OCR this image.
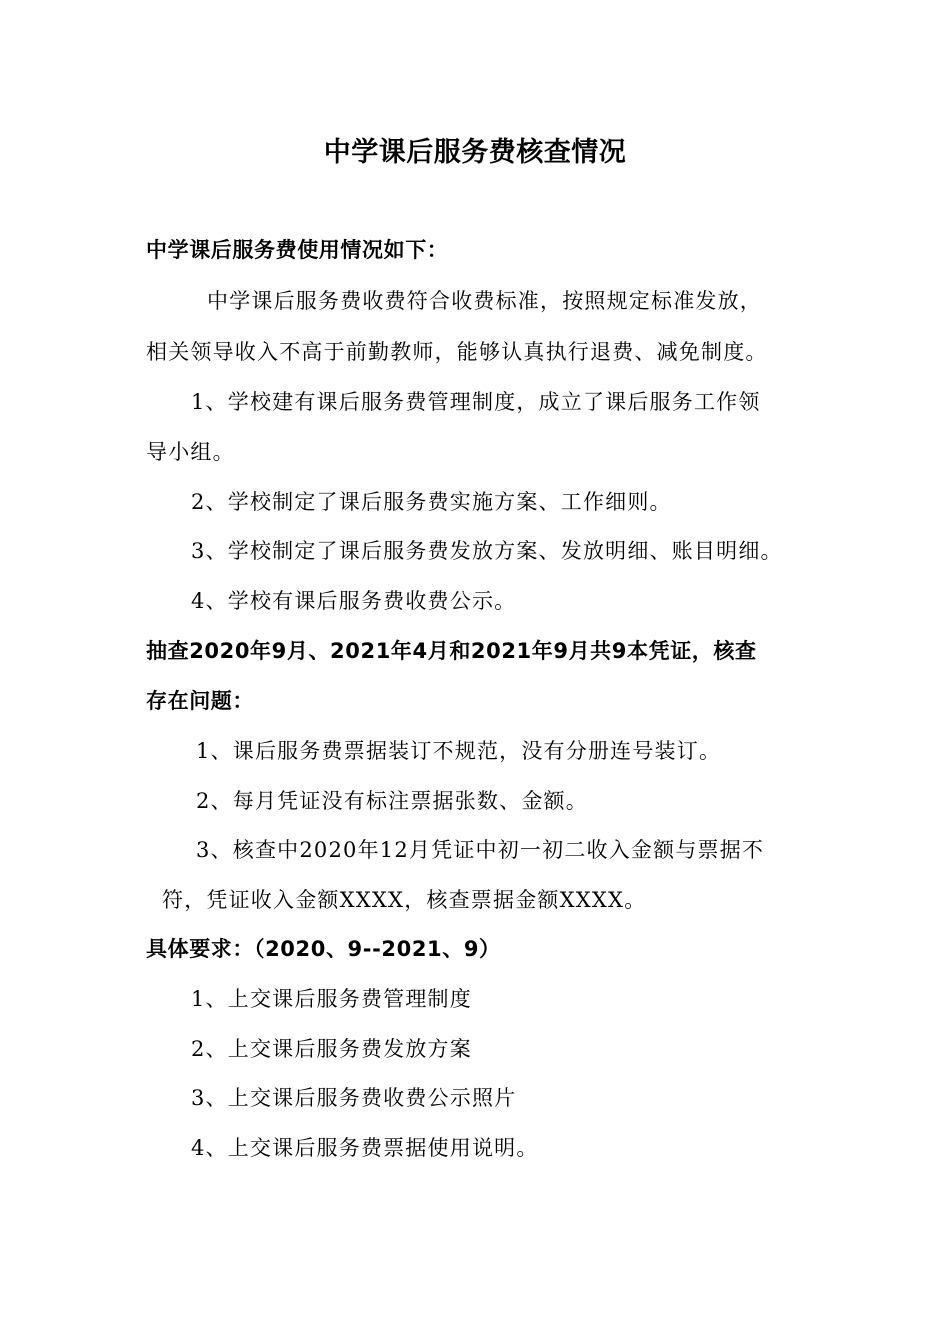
中学课后服务费核查情况
中学课后服务费使用情况如下：
中学课后服务费收费符合收费标准，按照规定标准发放，
相关领导收入不高于前勤教师，能够认真执行退费、减免制度。
1、学校建有课后服务费管理制度，成立了课后服务工作领
导小组。
2、学校制定了课后服务费实施方案、工作细则。
3、学校制定了课后服务费发放方案、发放明细、账目明细。
4、学校有课后服务费收费公示。
抽查2020年9月、2021年4月和2021年9月共9本凭证，核查
存在问题：
1、课后服务费票据装订不规范，没有分册连号装订。
2、每月凭证没有标注票据张数、金额。
3、核查中2020年12月凭证中初一初二收入金额与票据不
符，凭证收入金额XXXX，核查票据金额XXXX。
具体要求：（2020、9--2021、9）
1、上交课后服务费管理制度
2、上交课后服务费发放方案
3、上交课后服务费收费公示照片
4、上交课后服务费票据使用说明。
